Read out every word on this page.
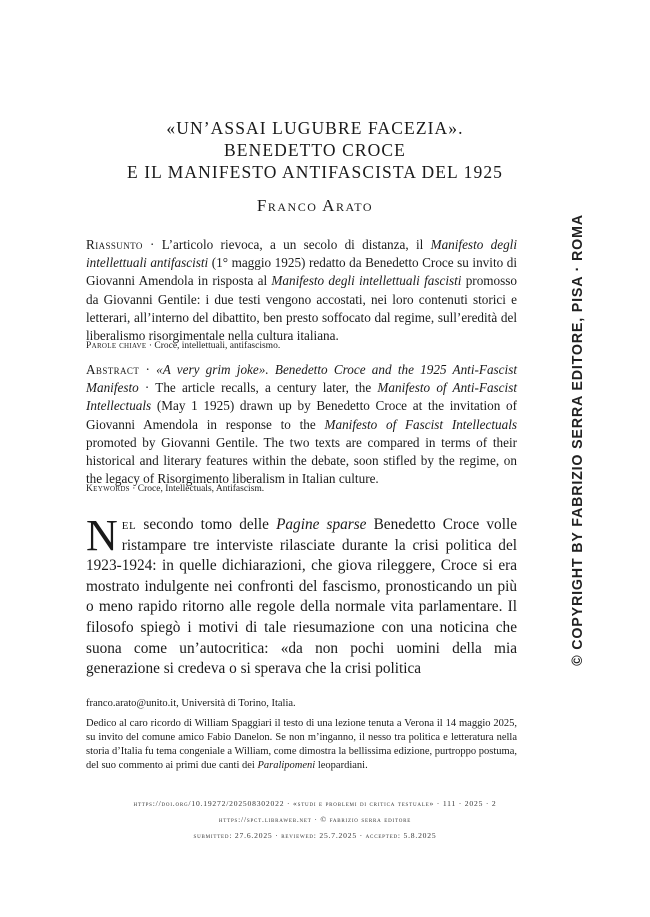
«UN’ASSAI LUGUBRE FACEZIA».
BENEDETTO CROCE
E IL MANIFESTO ANTIFASCISTA DEL 1925
Franco Arato
Riassunto · L’articolo rievoca, a un secolo di distanza, il Manifesto degli intellettuali antifascisti (1° maggio 1925) redatto da Benedetto Croce su invito di Giovanni Amendola in risposta al Manifesto degli intellettuali fascisti promosso da Giovanni Gentile: i due testi vengono accostati, nei loro contenuti storici e letterari, all’interno del dibattito, ben presto soffocato dal regime, sull’eredità del liberalismo risorgimentale nella cultura italiana.
Parole chiave · Croce, intellettuali, antifascismo.
Abstract · «A very grim joke». Benedetto Croce and the 1925 Anti-Fascist Manifesto · The article recalls, a century later, the Manifesto of Anti-Fascist Intellectuals (May 1 1925) drawn up by Benedetto Croce at the invitation of Giovanni Amendola in response to the Manifesto of Fascist Intellectuals promoted by Giovanni Gentile. The two texts are compared in terms of their historical and literary features within the debate, soon stifled by the regime, on the legacy of Risorgimento liberalism in Italian culture.
Keywords · Croce, Intellectuals, Antifascism.
Nel secondo tomo delle Pagine sparse Benedetto Croce volle ristampare tre interviste rilasciate durante la crisi politica del 1923-1924: in quelle dichiarazioni, che giova rileggere, Croce si era mostrato indulgente nei confronti del fascismo, pronosticando un più o meno rapido ritorno alle regole della normale vita parlamentare. Il filosofo spiegò i motivi di tale riesumazione con una noticina che suona come un’autocritica: «da non pochi uomini della mia generazione si credeva o si sperava che la crisi politica
franco.arato@unito.it, Università di Torino, Italia.
Dedico al caro ricordo di William Spaggiari il testo di una lezione tenuta a Verona il 14 maggio 2025, su invito del comune amico Fabio Danelon. Se non m’inganno, il nesso tra politica e letteratura nella storia d’Italia fu tema congeniale a William, come dimostra la bellissima edizione, purtroppo postuma, del suo commento ai primi due canti dei Paralipomeni leopardiani.
https://doi.org/10.19272/202508302022 · «studi e problemi di critica testuale» · 111 · 2025 · 2
https://spct.libraweb.net · © fabrizio serra editore
submitted: 27.6.2025 · reviewed: 25.7.2025 · accepted: 5.8.2025
© COPYRIGHT BY FABRIZIO SERRA EDITORE, PISA · ROMA
